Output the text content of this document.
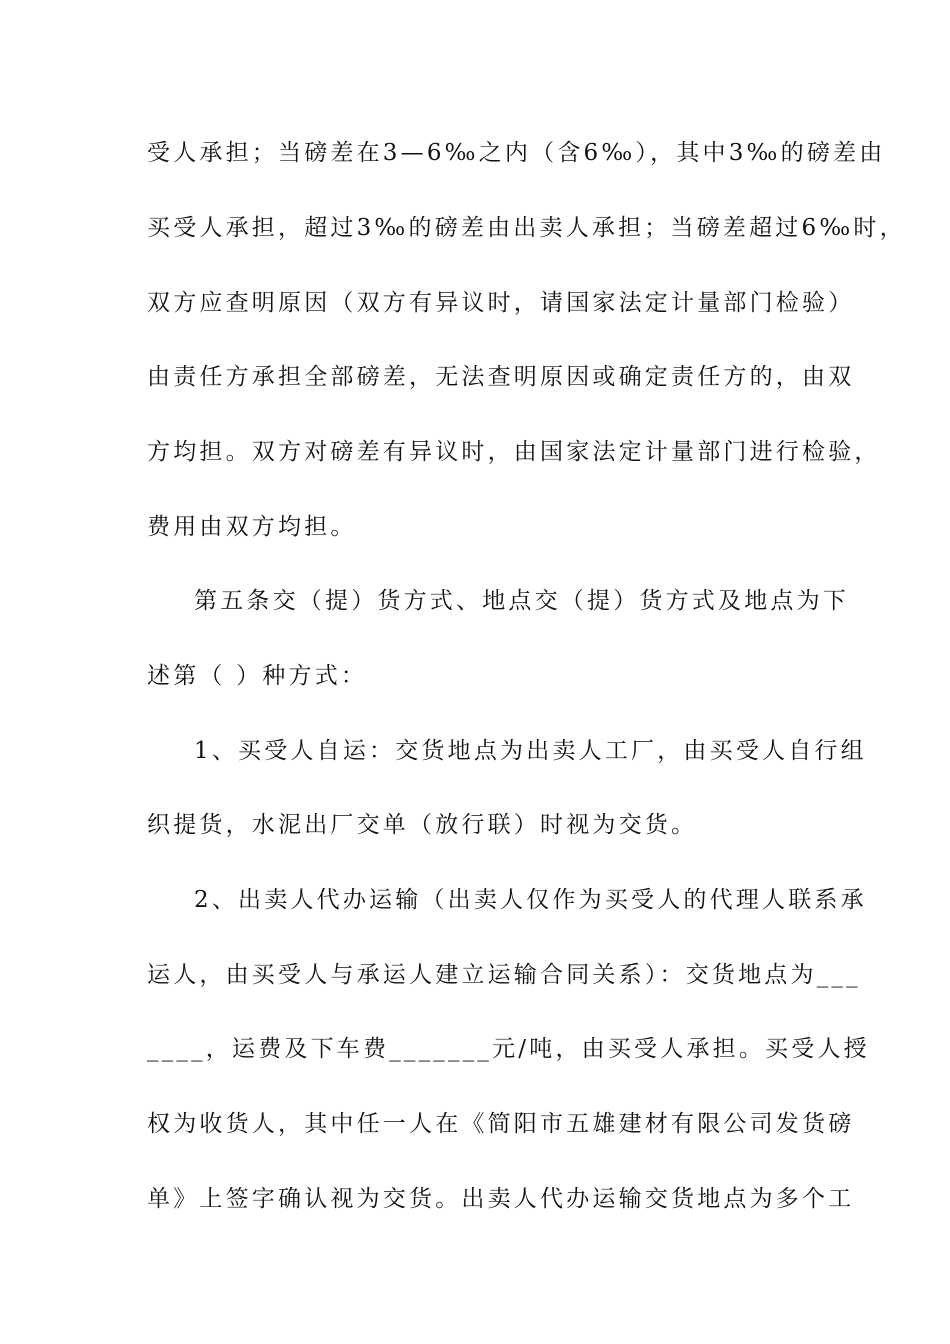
受人承担；当磅差在3—6‰之内（含6‰），其中3‰的磅差由
买受人承担，超过3‰的磅差由出卖人承担；当磅差超过6‰时，
双方应查明原因（双方有异议时，请国家法定计量部门检验）
由责任方承担全部磅差，无法查明原因或确定责任方的，由双
方均担。双方对磅差有异议时，由国家法定计量部门进行检验，
费用由双方均担。
第五条交（提）货方式、地点交（提）货方式及地点为下
述第（ ）种方式：
1、买受人自运：交货地点为出卖人工厂，由买受人自行组
织提货，水泥出厂交单（放行联）时视为交货。
2、出卖人代办运输（出卖人仅作为买受人的代理人联系承
运人，由买受人与承运人建立运输合同关系）：交货地点为___
____，运费及下车费_______元/吨，由买受人承担。买受人授
权为收货人，其中任一人在《简阳市五雄建材有限公司发货磅
单》上签字确认视为交货。出卖人代办运输交货地点为多个工
